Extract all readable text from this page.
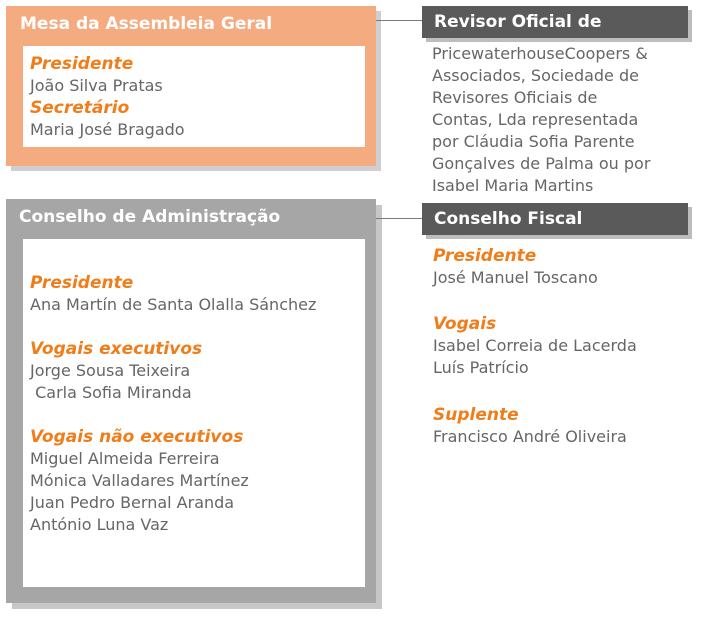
Mesa da Assembleia Geral
Presidente
João Silva Pratas
Secretário
Maria José Bragado
Conselho de Administração
Presidente
Ana Martín de Santa Olalla Sánchez
Vogais executivos
Jorge Sousa Teixeira
Carla Sofia Miranda
Vogais não executivos
Miguel Almeida Ferreira
Mónica Valladares Martínez
Juan Pedro Bernal Aranda
António Luna Vaz
Revisor Oficial de
PricewaterhouseCoopers &
Associados, Sociedade de
Revisores Oficiais de
Contas, Lda representada
por Cláudia Sofia Parente
Gonçalves de Palma ou por
Isabel Maria Martins
Conselho Fiscal
Presidente
José Manuel Toscano
Vogais
Isabel Correia de Lacerda
Luís Patrício
Suplente
Francisco André Oliveira
